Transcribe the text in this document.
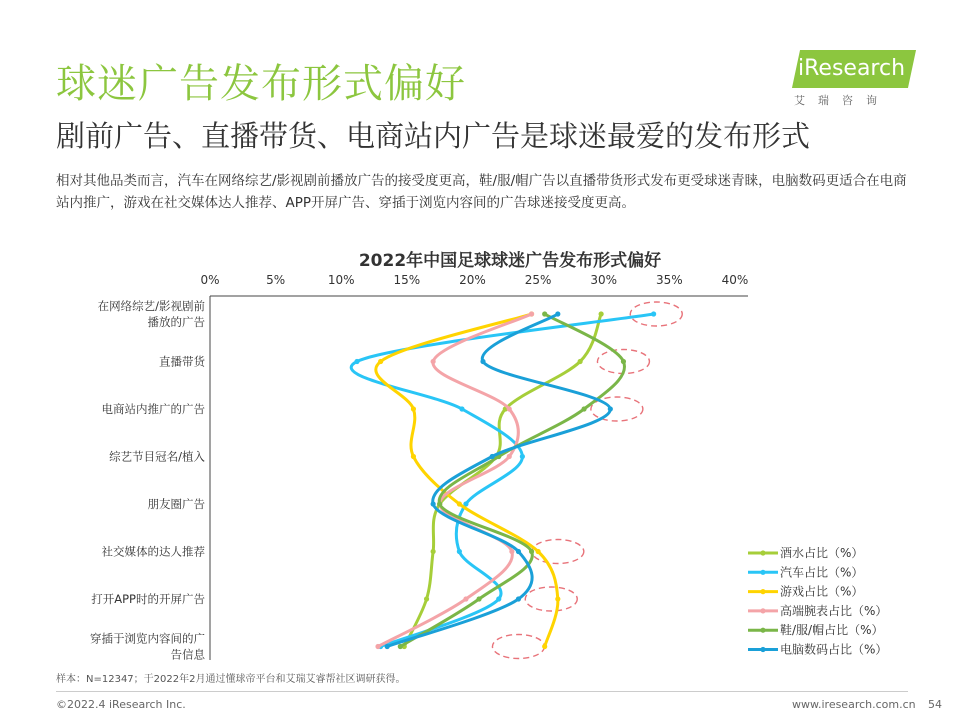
球迷广告发布形式偏好
剧前广告、直播带货、电商站内广告是球迷最爱的发布形式
相对其他品类而言，汽车在网络综艺/影视剧前播放广告的接受度更高，鞋/服/帽广告以直播带货形式发布更受球迷青睐，电脑数码更适合在电商站内推广，游戏在社交媒体达人推荐、APP开屏广告、穿插于浏览内容间的广告球迷接受度更高。
iResearch
艾瑞咨询
2022年中国足球球迷广告发布形式偏好
0%	5%	10%	15%	20%	25%	30%	35%	40%
在网络综艺/影视剧前
播放的广告
直播带货
电商站内推广的广告
综艺节目冠名/植入
朋友圈广告
社交媒体的达人推荐
打开APP时的开屏广告
穿插于浏览内容间的广
告信息
酒水占比（%）
汽车占比（%）
游戏占比（%）
高端腕表占比（%）
鞋/服/帽占比（%）
电脑数码占比（%）
样本：N=12347；于2022年2月通过懂球帝平台和艾瑞艾睿帮社区调研获得。
©2022.4 iResearch Inc.	www.iresearch.com.cn 54
